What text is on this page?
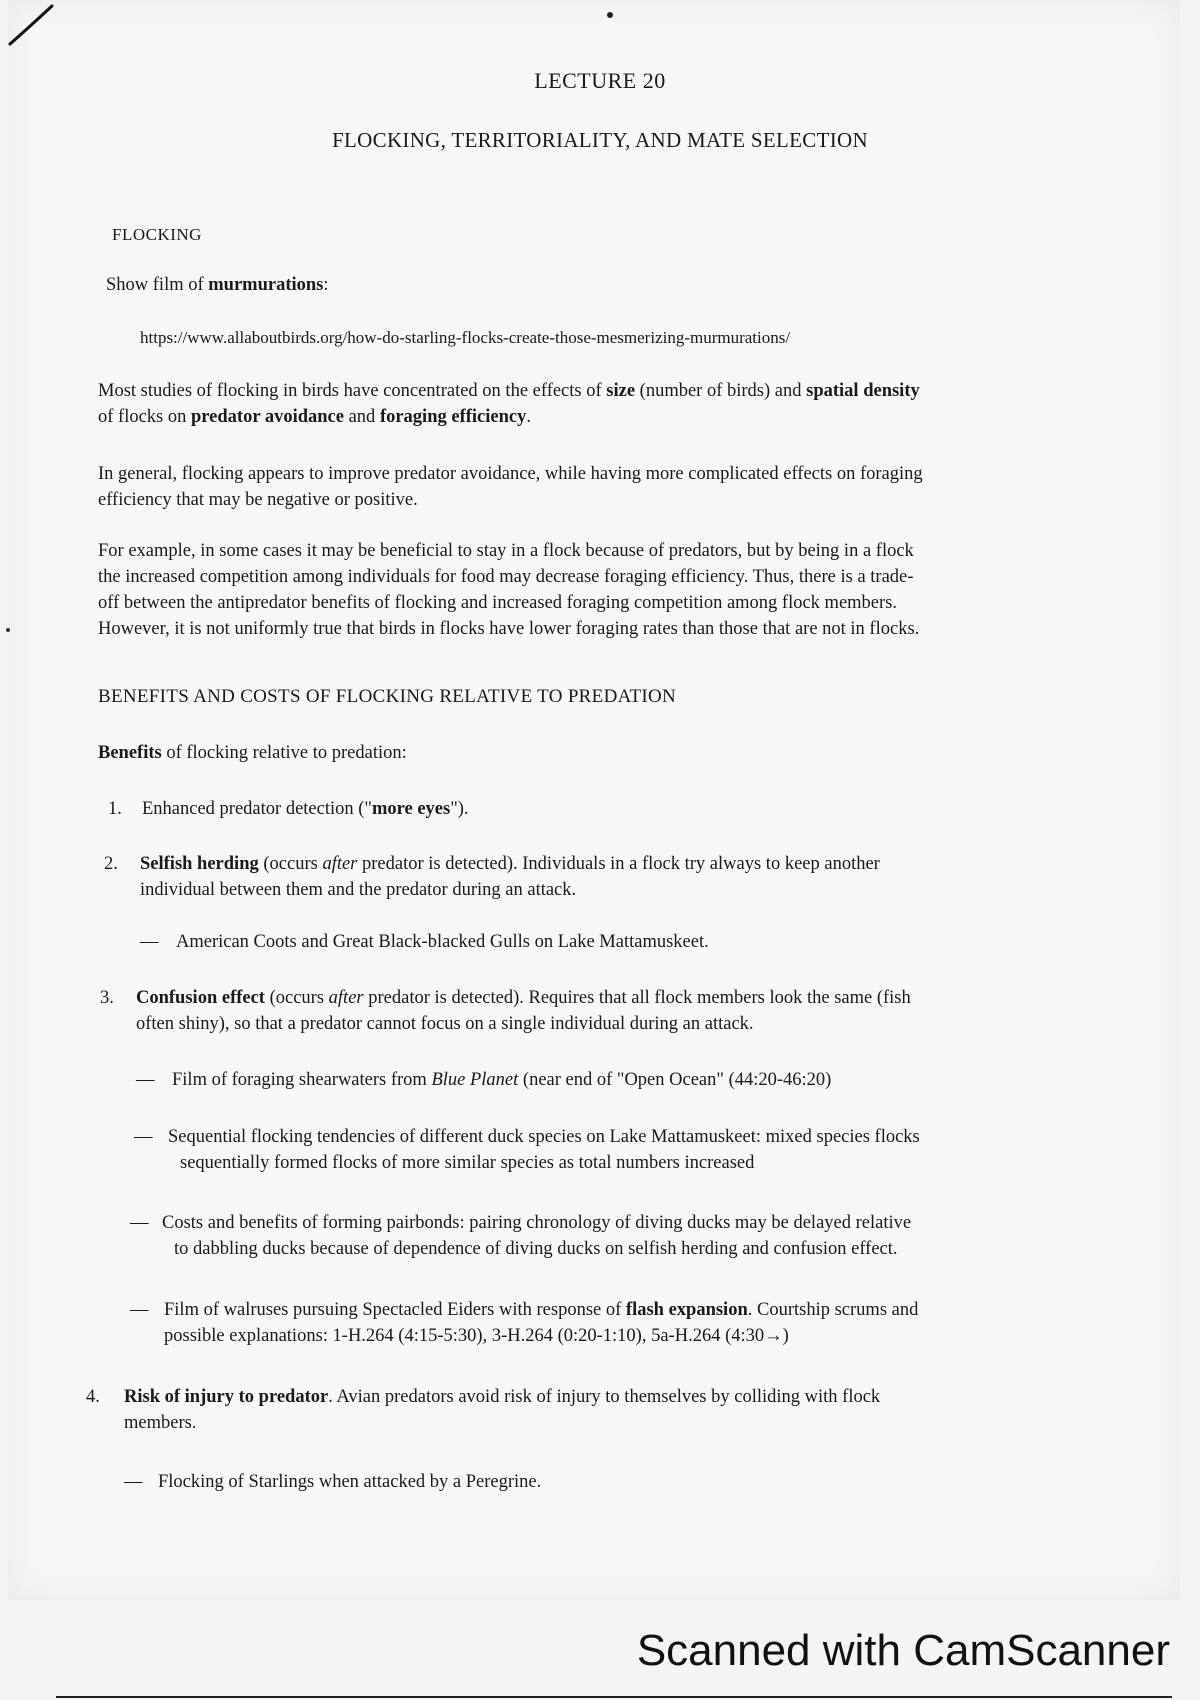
LECTURE 20
FLOCKING, TERRITORIALITY, AND MATE SELECTION
FLOCKING
Show film of murmurations:
https://www.allaboutbirds.org/how-do-starling-flocks-create-those-mesmerizing-murmurations/
Most studies of flocking in birds have concentrated on the effects of size (number of birds) and spatial density
of flocks on predator avoidance and foraging efficiency.
In general, flocking appears to improve predator avoidance, while having more complicated effects on foraging
efficiency that may be negative or positive.
For example, in some cases it may be beneficial to stay in a flock because of predators, but by being in a flock
the increased competition among individuals for food may decrease foraging efficiency. Thus, there is a trade-
off between the antipredator benefits of flocking and increased foraging competition among flock members.
However, it is not uniformly true that birds in flocks have lower foraging rates than those that are not in flocks.
BENEFITS AND COSTS OF FLOCKING RELATIVE TO PREDATION
Benefits of flocking relative to predation:
1. Enhanced predator detection ("more eyes").
2. Selfish herding (occurs after predator is detected). Individuals in a flock try always to keep another
individual between them and the predator during an attack.
— American Coots and Great Black-blacked Gulls on Lake Mattamuskeet.
3. Confusion effect (occurs after predator is detected). Requires that all flock members look the same (fish
often shiny), so that a predator cannot focus on a single individual during an attack.
— Film of foraging shearwaters from Blue Planet (near end of "Open Ocean" (44:20-46:20)
— Sequential flocking tendencies of different duck species on Lake Mattamuskeet: mixed species flocks
sequentially formed flocks of more similar species as total numbers increased
— Costs and benefits of forming pairbonds: pairing chronology of diving ducks may be delayed relative
to dabbling ducks because of dependence of diving ducks on selfish herding and confusion effect.
— Film of walruses pursuing Spectacled Eiders with response of flash expansion. Courtship scrums and
possible explanations: 1-H.264 (4:15-5:30), 3-H.264 (0:20-1:10), 5a-H.264 (4:30→)
4. Risk of injury to predator. Avian predators avoid risk of injury to themselves by colliding with flock
members.
— Flocking of Starlings when attacked by a Peregrine.
Scanned with CamScanner
